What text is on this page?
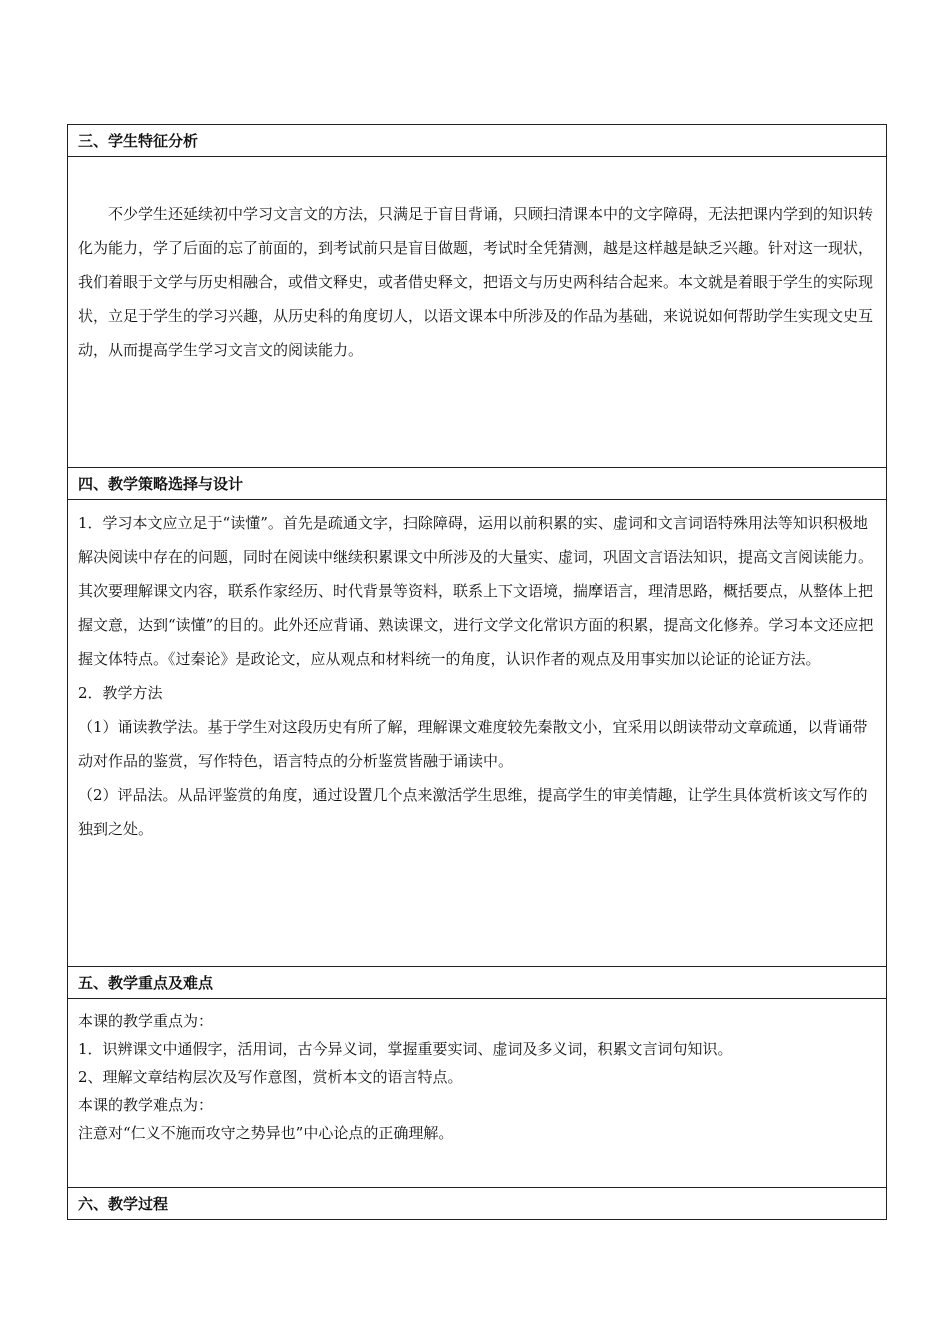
三、学生特征分析

不少学生还延续初中学习文言文的方法，只满足于盲目背诵，只顾扫清课本中的文字障碍，无法把课内学到的知识转化为能力，学了后面的忘了前面的，到考试前只是盲目做题，考试时全凭猜测，越是这样越是缺乏兴趣。针对这一现状，我们着眼于文学与历史相融合，或借文释史，或者借史释文，把语文与历史两科结合起来。本文就是着眼于学生的实际现状，立足于学生的学习兴趣，从历史科的角度切人，以语文课本中所涉及的作品为基础，来说说如何帮助学生实现文史互动，从而提高学生学习文言文的阅读能力。

四、教学策略选择与设计

1．学习本文应立足于“读懂”。首先是疏通文字，扫除障碍，运用以前积累的实、虚词和文言词语特殊用法等知识积极地解决阅读中存在的问题，同时在阅读中继续积累课文中所涉及的大量实、虚词，巩固文言语法知识，提高文言阅读能力。其次要理解课文内容，联系作家经历、时代背景等资料，联系上下文语境，揣摩语言，理清思路，概括要点，从整体上把握文意，达到“读懂”的目的。此外还应背诵、熟读课文，进行文学文化常识方面的积累，提高文化修养。学习本文还应把握文体特点。《过秦论》是政论文，应从观点和材料统一的角度，认识作者的观点及用事实加以论证的论证方法。

2．教学方法

（1）诵读教学法。基于学生对这段历史有所了解，理解课文难度较先秦散文小，宜采用以朗读带动文章疏通，以背诵带动对作品的鉴赏，写作特色，语言特点的分析鉴赏皆融于诵读中。

（2）评品法。从品评鉴赏的角度，通过设置几个点来激活学生思维，提高学生的审美情趣，让学生具体赏析该文写作的独到之处。

五、教学重点及难点

本课的教学重点为：

1．识辨课文中通假字，活用词，古今异义词，掌握重要实词、虚词及多义词，积累文言词句知识。

2、理解文章结构层次及写作意图，赏析本文的语言特点。

本课的教学难点为：

注意对“仁义不施而攻守之势异也”中心论点的正确理解。

六、教学过程
